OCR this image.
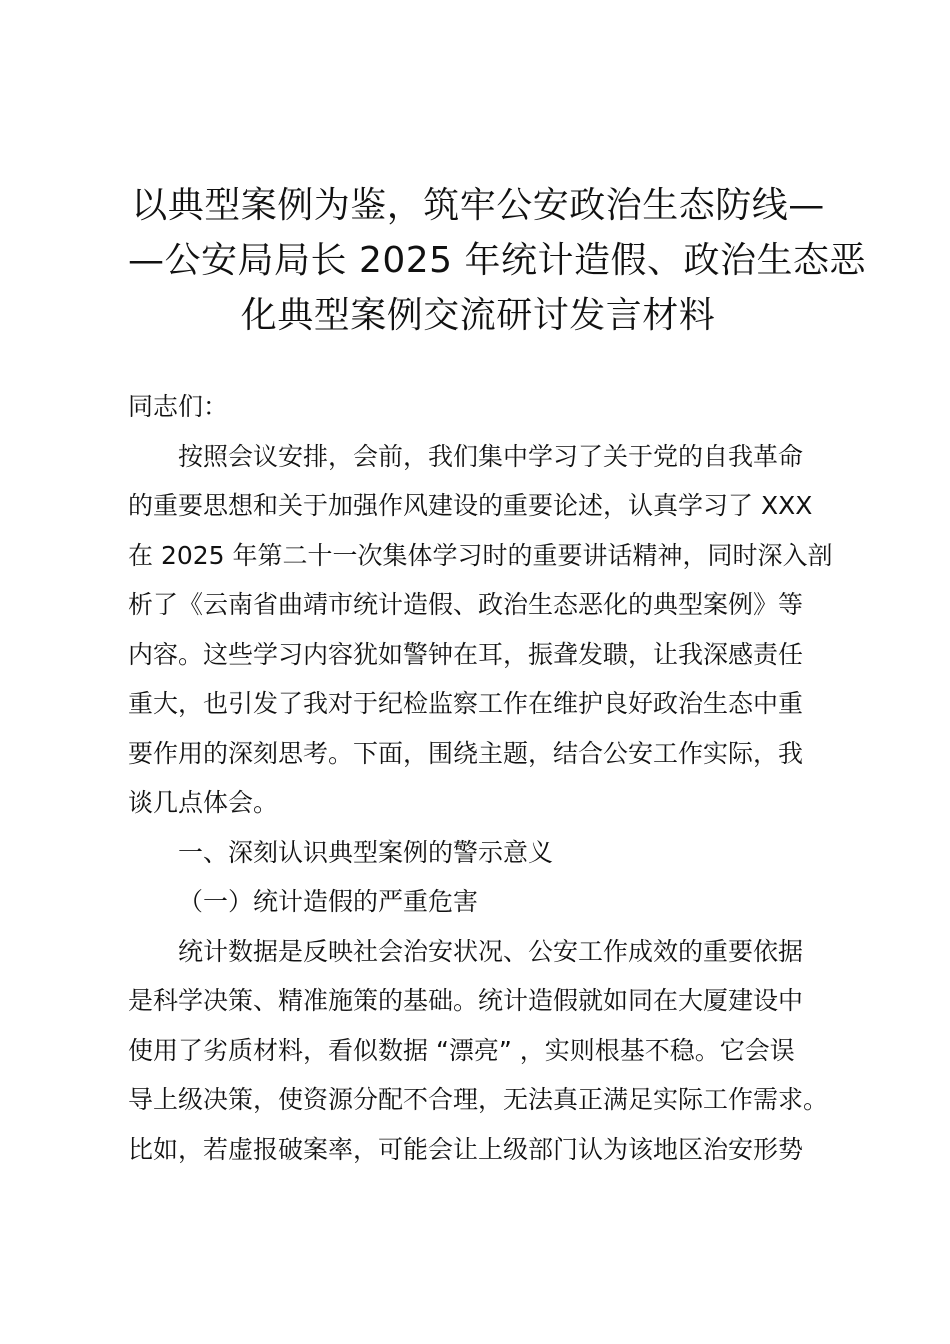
以典型案例为鉴，筑牢公安政治生态防线—
—公安局局长 2025 年统计造假、政治生态恶
化典型案例交流研讨发言材料

同志们：

按照会议安排，会前，我们集中学习了关于党的自我革命
的重要思想和关于加强作风建设的重要论述，认真学习了 XXX
在 2025 年第二十一次集体学习时的重要讲话精神，同时深入剖
析了《云南省曲靖市统计造假、政治生态恶化的典型案例》等
内容。这些学习内容犹如警钟在耳，振聋发聩，让我深感责任
重大，也引发了我对于纪检监察工作在维护良好政治生态中重
要作用的深刻思考。下面，围绕主题，结合公安工作实际，我
谈几点体会。

一、深刻认识典型案例的警示意义

（一）统计造假的严重危害

统计数据是反映社会治安状况、公安工作成效的重要依据
是科学决策、精准施策的基础。统计造假就如同在大厦建设中
使用了劣质材料，看似数据 “漂亮” ，实则根基不稳。它会误
导上级决策，使资源分配不合理，无法真正满足实际工作需求。
比如，若虚报破案率，可能会让上级部门认为该地区治安形势
